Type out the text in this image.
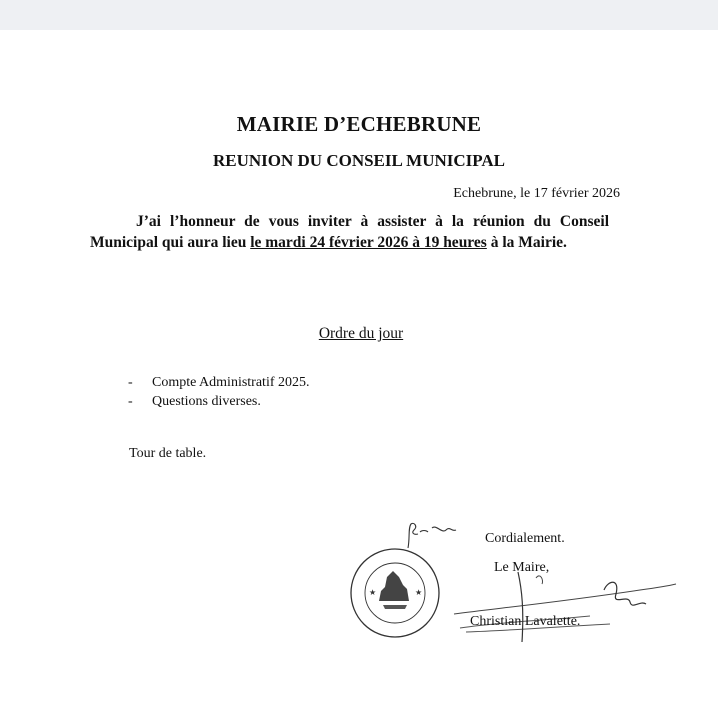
MAIRIE D’ECHEBRUNE
REUNION DU CONSEIL MUNICIPAL
Echebrune, le 17 février 2026
J’ai l’honneur de vous inviter à assister à la réunion du Conseil
Municipal qui aura lieu le mardi 24 février 2026 à 19 heures à la Mairie.
Ordre du jour
- Compte Administratif 2025.
- Questions diverses.
Tour de table.
★	★
Cordialement.
Le Maire,
Christian Lavalette.
